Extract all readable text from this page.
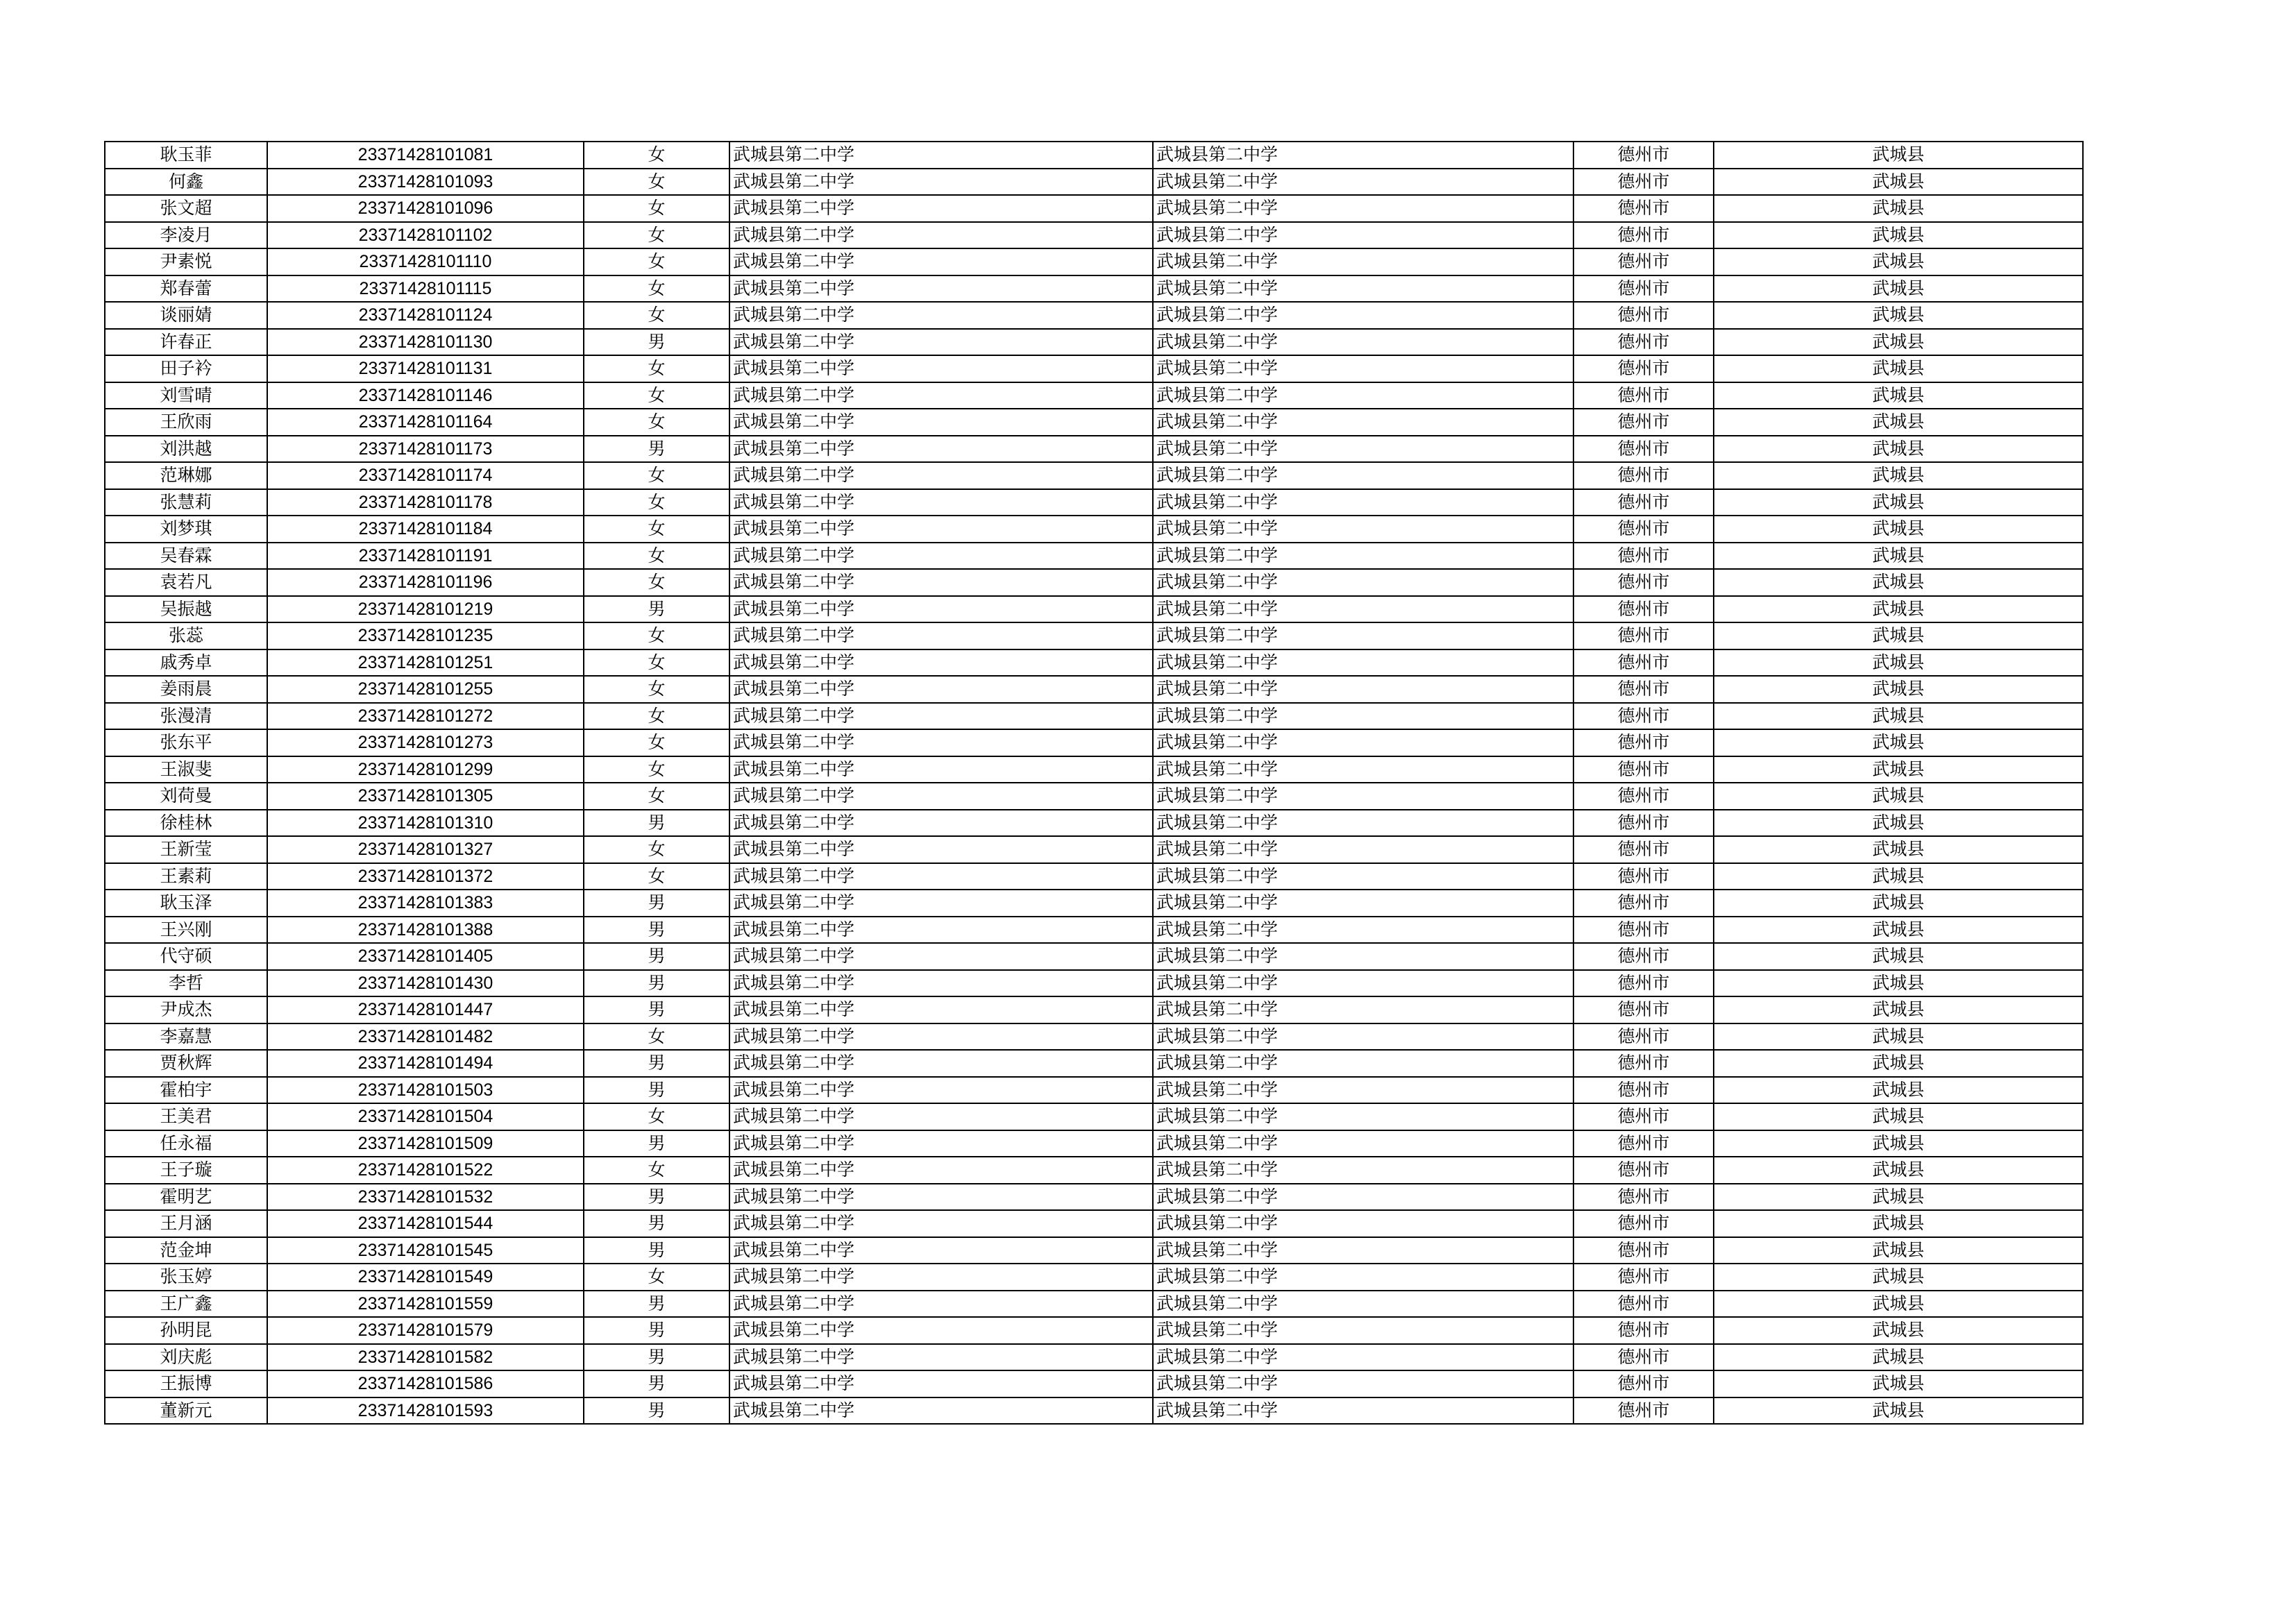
耿玉菲	23371428101081	女	武城县第二中学	武城县第二中学	德州市	武城县
何鑫	23371428101093	女	武城县第二中学	武城县第二中学	德州市	武城县
张文超	23371428101096	女	武城县第二中学	武城县第二中学	德州市	武城县
李凌月	23371428101102	女	武城县第二中学	武城县第二中学	德州市	武城县
尹素悦	23371428101110	女	武城县第二中学	武城县第二中学	德州市	武城县
郑春蕾	23371428101115	女	武城县第二中学	武城县第二中学	德州市	武城县
谈丽婧	23371428101124	女	武城县第二中学	武城县第二中学	德州市	武城县
许春正	23371428101130	男	武城县第二中学	武城县第二中学	德州市	武城县
田子衿	23371428101131	女	武城县第二中学	武城县第二中学	德州市	武城县
刘雪晴	23371428101146	女	武城县第二中学	武城县第二中学	德州市	武城县
王欣雨	23371428101164	女	武城县第二中学	武城县第二中学	德州市	武城县
刘洪越	23371428101173	男	武城县第二中学	武城县第二中学	德州市	武城县
范琳娜	23371428101174	女	武城县第二中学	武城县第二中学	德州市	武城县
张慧莉	23371428101178	女	武城县第二中学	武城县第二中学	德州市	武城县
刘梦琪	23371428101184	女	武城县第二中学	武城县第二中学	德州市	武城县
吴春霖	23371428101191	女	武城县第二中学	武城县第二中学	德州市	武城县
袁若凡	23371428101196	女	武城县第二中学	武城县第二中学	德州市	武城县
吴振越	23371428101219	男	武城县第二中学	武城县第二中学	德州市	武城县
张蕊	23371428101235	女	武城县第二中学	武城县第二中学	德州市	武城县
戚秀卓	23371428101251	女	武城县第二中学	武城县第二中学	德州市	武城县
姜雨晨	23371428101255	女	武城县第二中学	武城县第二中学	德州市	武城县
张漫清	23371428101272	女	武城县第二中学	武城县第二中学	德州市	武城县
张东平	23371428101273	女	武城县第二中学	武城县第二中学	德州市	武城县
王淑斐	23371428101299	女	武城县第二中学	武城县第二中学	德州市	武城县
刘荷曼	23371428101305	女	武城县第二中学	武城县第二中学	德州市	武城县
徐桂林	23371428101310	男	武城县第二中学	武城县第二中学	德州市	武城县
王新莹	23371428101327	女	武城县第二中学	武城县第二中学	德州市	武城县
王素莉	23371428101372	女	武城县第二中学	武城县第二中学	德州市	武城县
耿玉泽	23371428101383	男	武城县第二中学	武城县第二中学	德州市	武城县
王兴刚	23371428101388	男	武城县第二中学	武城县第二中学	德州市	武城县
代守硕	23371428101405	男	武城县第二中学	武城县第二中学	德州市	武城县
李哲	23371428101430	男	武城县第二中学	武城县第二中学	德州市	武城县
尹成杰	23371428101447	男	武城县第二中学	武城县第二中学	德州市	武城县
李嘉慧	23371428101482	女	武城县第二中学	武城县第二中学	德州市	武城县
贾秋辉	23371428101494	男	武城县第二中学	武城县第二中学	德州市	武城县
霍柏宇	23371428101503	男	武城县第二中学	武城县第二中学	德州市	武城县
王美君	23371428101504	女	武城县第二中学	武城县第二中学	德州市	武城县
任永福	23371428101509	男	武城县第二中学	武城县第二中学	德州市	武城县
王子璇	23371428101522	女	武城县第二中学	武城县第二中学	德州市	武城县
霍明艺	23371428101532	男	武城县第二中学	武城县第二中学	德州市	武城县
王月涵	23371428101544	男	武城县第二中学	武城县第二中学	德州市	武城县
范金坤	23371428101545	男	武城县第二中学	武城县第二中学	德州市	武城县
张玉婷	23371428101549	女	武城县第二中学	武城县第二中学	德州市	武城县
王广鑫	23371428101559	男	武城县第二中学	武城县第二中学	德州市	武城县
孙明昆	23371428101579	男	武城县第二中学	武城县第二中学	德州市	武城县
刘庆彪	23371428101582	男	武城县第二中学	武城县第二中学	德州市	武城县
王振博	23371428101586	男	武城县第二中学	武城县第二中学	德州市	武城县
董新元	23371428101593	男	武城县第二中学	武城县第二中学	德州市	武城县
